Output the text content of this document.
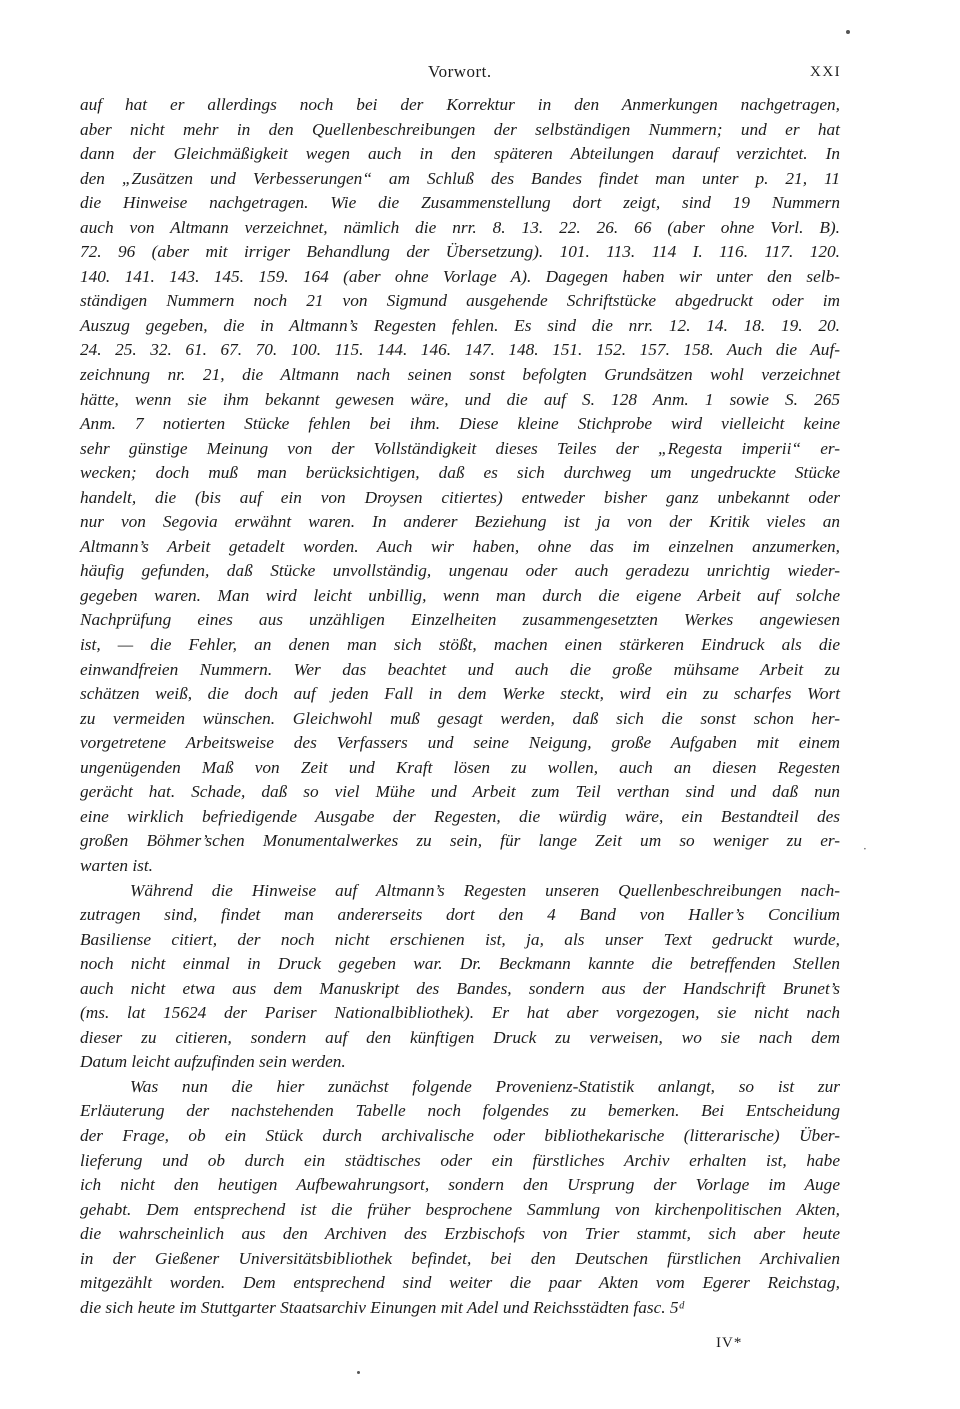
Vorwort.	XXI
auf hat er allerdings noch bei der Korrektur in den Anmerkungen nachgetragen,
aber nicht mehr in den Quellenbeschreibungen der selbständigen Nummern; und er hat
dann der Gleichmäßigkeit wegen auch in den späteren Abteilungen darauf verzichtet. In
den „Zusätzen und Verbesserungen“ am Schluß des Bandes findet man unter p. 21, 11
die Hinweise nachgetragen. Wie die Zusammenstellung dort zeigt, sind 19 Nummern
auch von Altmann verzeichnet, nämlich die nrr. 8. 13. 22. 26. 66 (aber ohne Vorl. B).
72. 96 (aber mit irriger Behandlung der Übersetzung). 101. 113. 114 I. 116. 117. 120.
140. 141. 143. 145. 159. 164 (aber ohne Vorlage A). Dagegen haben wir unter den selb-
ständigen Nummern noch 21 von Sigmund ausgehende Schriftstücke abgedruckt oder im
Auszug gegeben, die in Altmann’s Regesten fehlen. Es sind die nrr. 12. 14. 18. 19. 20.
24. 25. 32. 61. 67. 70. 100. 115. 144. 146. 147. 148. 151. 152. 157. 158. Auch die Auf-
zeichnung nr. 21, die Altmann nach seinen sonst befolgten Grundsätzen wohl verzeichnet
hätte, wenn sie ihm bekannt gewesen wäre, und die auf S. 128 Anm. 1 sowie S. 265
Anm. 7 notierten Stücke fehlen bei ihm. Diese kleine Stichprobe wird vielleicht keine
sehr günstige Meinung von der Vollständigkeit dieses Teiles der „Regesta imperii“ er-
wecken; doch muß man berücksichtigen, daß es sich durchweg um ungedruckte Stücke
handelt, die (bis auf ein von Droysen citiertes) entweder bisher ganz unbekannt oder
nur von Segovia erwähnt waren. In anderer Beziehung ist ja von der Kritik vieles an
Altmann’s Arbeit getadelt worden. Auch wir haben, ohne das im einzelnen anzumerken,
häufig gefunden, daß Stücke unvollständig, ungenau oder auch geradezu unrichtig wieder-
gegeben waren. Man wird leicht unbillig, wenn man durch die eigene Arbeit auf solche
Nachprüfung eines aus unzähligen Einzelheiten zusammengesetzten Werkes angewiesen
ist, — die Fehler, an denen man sich stößt, machen einen stärkeren Eindruck als die
einwandfreien Nummern. Wer das beachtet und auch die große mühsame Arbeit zu
schätzen weiß, die doch auf jeden Fall in dem Werke steckt, wird ein zu scharfes Wort
zu vermeiden wünschen. Gleichwohl muß gesagt werden, daß sich die sonst schon her-
vorgetretene Arbeitsweise des Verfassers und seine Neigung, große Aufgaben mit einem
ungenügenden Maß von Zeit und Kraft lösen zu wollen, auch an diesen Regesten
gerächt hat. Schade, daß so viel Mühe und Arbeit zum Teil verthan sind und daß nun
eine wirklich befriedigende Ausgabe der Regesten, die würdig wäre, ein Bestandteil des
großen Böhmer’schen Monumentalwerkes zu sein, für lange Zeit um so weniger zu er-
warten ist.
Während die Hinweise auf Altmann’s Regesten unseren Quellenbeschreibungen nach-
zutragen sind, findet man andererseits dort den 4 Band von Haller’s Concilium
Basiliense citiert, der noch nicht erschienen ist, ja, als unser Text gedruckt wurde,
noch nicht einmal in Druck gegeben war. Dr. Beckmann kannte die betreffenden Stellen
auch nicht etwa aus dem Manuskript des Bandes, sondern aus der Handschrift Brunet’s
(ms. lat 15624 der Pariser Nationalbibliothek). Er hat aber vorgezogen, sie nicht nach
dieser zu citieren, sondern auf den künftigen Druck zu verweisen, wo sie nach dem
Datum leicht aufzufinden sein werden.
Was nun die hier zunächst folgende Provenienz-Statistik anlangt, so ist zur
Erläuterung der nachstehenden Tabelle noch folgendes zu bemerken. Bei Entscheidung
der Frage, ob ein Stück durch archivalische oder bibliothekarische (litterarische) Über-
lieferung und ob durch ein städtisches oder ein fürstliches Archiv erhalten ist, habe
ich nicht den heutigen Aufbewahrungsort, sondern den Ursprung der Vorlage im Auge
gehabt. Dem entsprechend ist die früher besprochene Sammlung von kirchenpolitischen Akten,
die wahrscheinlich aus den Archiven des Erzbischofs von Trier stammt, sich aber heute
in der Gießener Universitätsbibliothek befindet, bei den Deutschen fürstlichen Archivalien
mitgezählt worden. Dem entsprechend sind weiter die paar Akten vom Egerer Reichstag,
die sich heute im Stuttgarter Staatsarchiv Einungen mit Adel und Reichsstädten fasc. 5ᵈ
IV*
·
